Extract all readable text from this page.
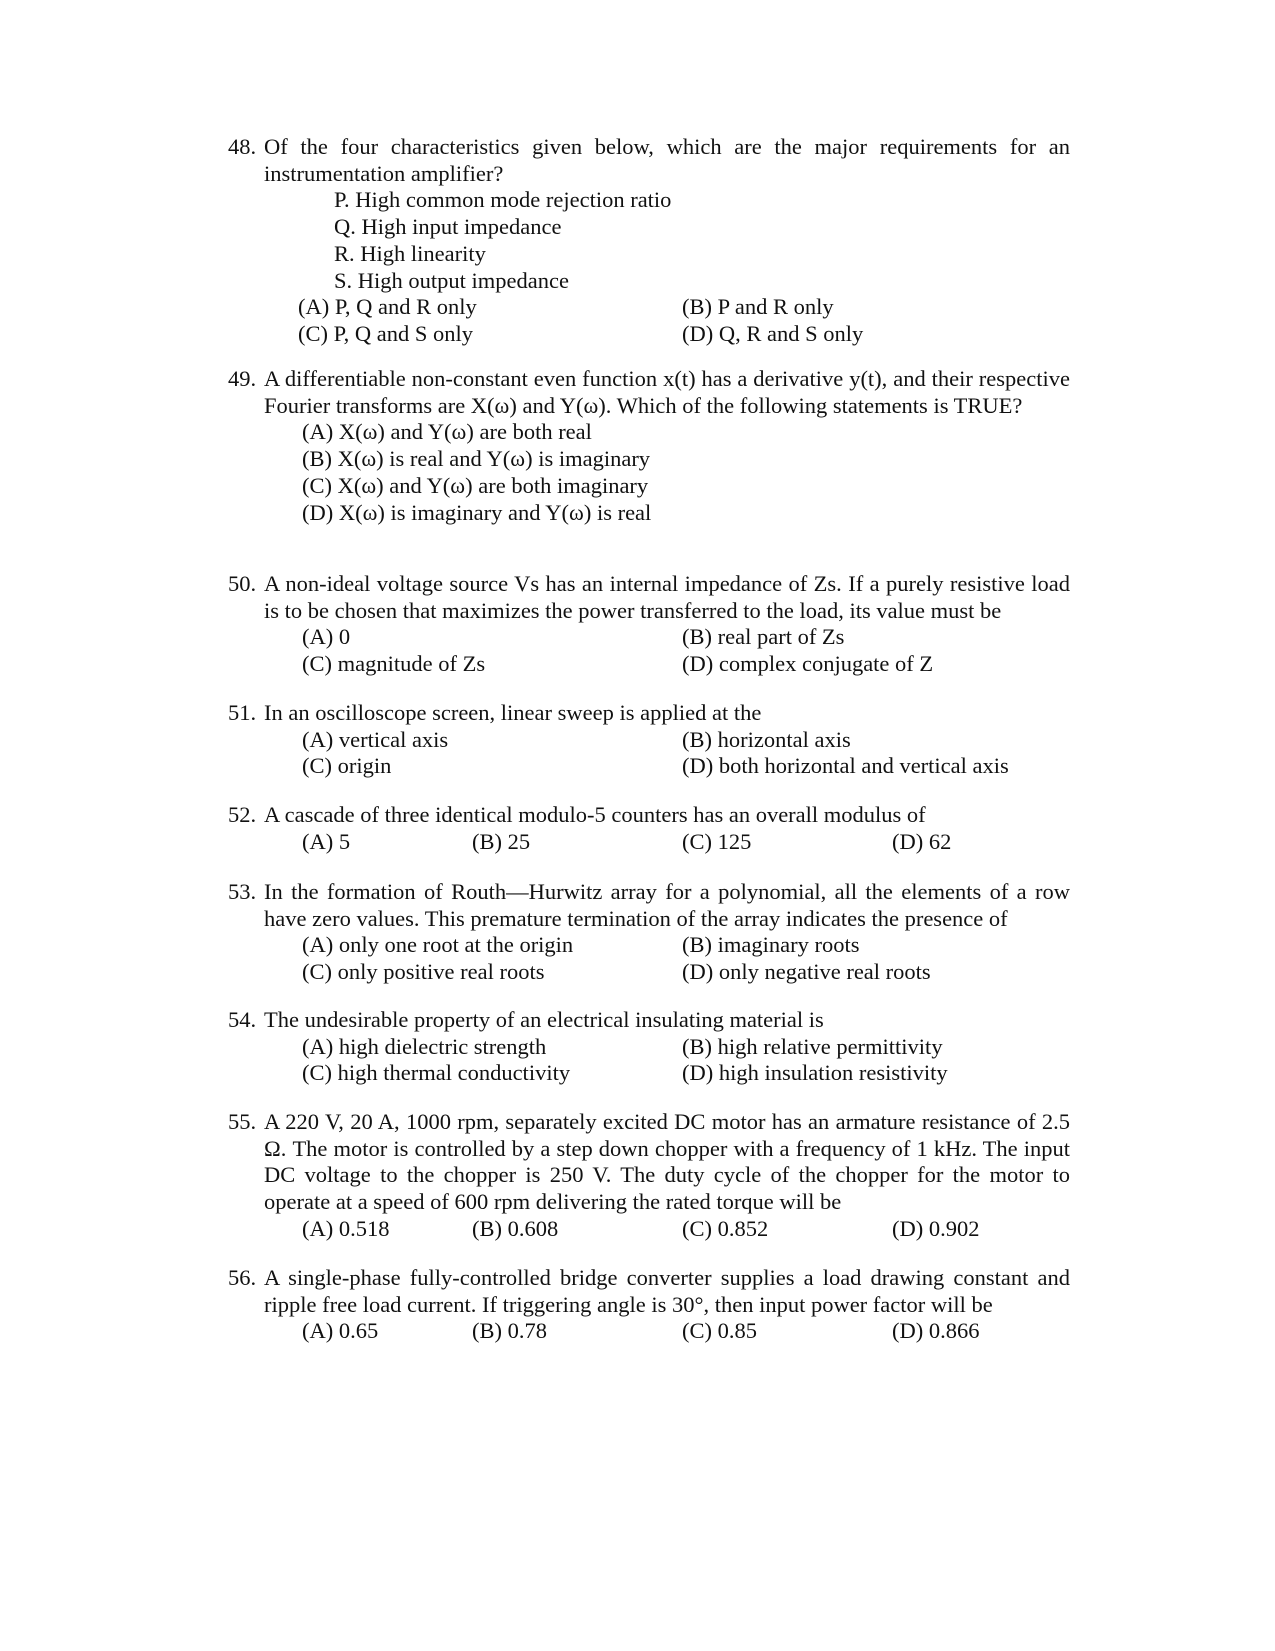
48. Of the four characteristics given below, which are the major requirements for an instrumentation amplifier?
P. High common mode rejection ratio
Q. High input impedance
R. High linearity
S. High output impedance
(A) P, Q and R only	(B) P and R only
(C) P, Q and S only	(D) Q, R and S only
49. A differentiable non-constant even function x(t) has a derivative y(t), and their respective Fourier transforms are X(ω) and Y(ω). Which of the following statements is TRUE?
(A) X(ω) and Y(ω) are both real
(B) X(ω) is real and Y(ω) is imaginary
(C) X(ω) and Y(ω) are both imaginary
(D) X(ω) is imaginary and Y(ω) is real
50. A non-ideal voltage source Vs has an internal impedance of Zs. If a purely resistive load is to be chosen that maximizes the power transferred to the load, its value must be
(A) 0	(B) real part of Zs
(C) magnitude of Zs	(D) complex conjugate of Z
51. In an oscilloscope screen, linear sweep is applied at the
(A) vertical axis	(B) horizontal axis
(C) origin	(D) both horizontal and vertical axis
52. A cascade of three identical modulo-5 counters has an overall modulus of
(A) 5	(B) 25	(C) 125	(D) 62
53. In the formation of Routh—Hurwitz array for a polynomial, all the elements of a row have zero values. This premature termination of the array indicates the presence of
(A) only one root at the origin	(B) imaginary roots
(C) only positive real roots	(D) only negative real roots
54. The undesirable property of an electrical insulating material is
(A) high dielectric strength	(B) high relative permittivity
(C) high thermal conductivity	(D) high insulation resistivity
55. A 220 V, 20 A, 1000 rpm, separately excited DC motor has an armature resistance of 2.5 Ω. The motor is controlled by a step down chopper with a frequency of 1 kHz. The input DC voltage to the chopper is 250 V. The duty cycle of the chopper for the motor to operate at a speed of 600 rpm delivering the rated torque will be
(A) 0.518	(B) 0.608	(C) 0.852	(D) 0.902
56. A single-phase fully-controlled bridge converter supplies a load drawing constant and ripple free load current. If triggering angle is 30°, then input power factor will be
(A) 0.65	(B) 0.78	(C) 0.85	(D) 0.866
